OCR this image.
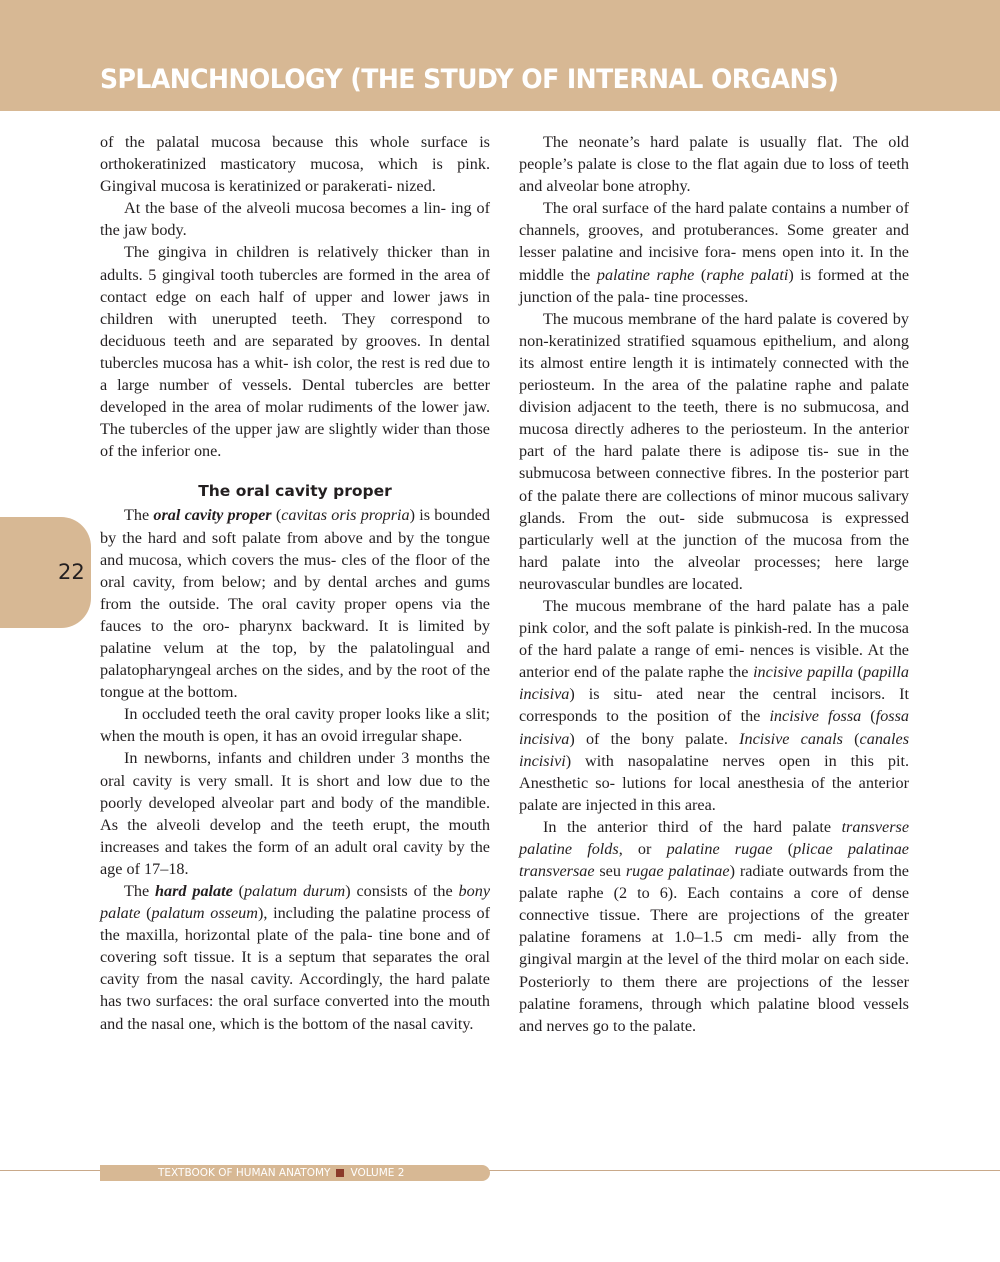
SPLANCHNOLOGY (THE STUDY OF INTERNAL ORGANS)

of the palatal mucosa because this whole surface is orthokeratinized masticatory mucosa, which is pink. Gingival mucosa is keratinized or parakerati- nized.

At the base of the alveoli mucosa becomes a lin- ing of the jaw body.

The gingiva in children is relatively thicker than in adults. 5 gingival tooth tubercles are formed in the area of contact edge on each half of upper and lower jaws in children with unerupted teeth. They correspond to deciduous teeth and are separated by grooves. In dental tubercles mucosa has a whit- ish color, the rest is red due to a large number of vessels. Dental tubercles are better developed in the area of molar rudiments of the lower jaw. The tubercles of the upper jaw are slightly wider than those of the inferior one.

The oral cavity proper

The oral cavity proper (cavitas oris propria) is bounded by the hard and soft palate from above and by the tongue and mucosa, which covers the mus- cles of the floor of the oral cavity, from below; and by dental arches and gums from the outside. The oral cavity proper opens via the fauces to the oro- pharynx backward. It is limited by palatine velum at the top, by the palatolingual and palatopharyngeal arches on the sides, and by the root of the tongue at the bottom.

In occluded teeth the oral cavity proper looks like a slit; when the mouth is open, it has an ovoid irregular shape.

In newborns, infants and children under 3 months the oral cavity is very small. It is short and low due to the poorly developed alveolar part and body of the mandible. As the alveoli develop and the teeth erupt, the mouth increases and takes the form of an adult oral cavity by the age of 17–18.

The hard palate (palatum durum) consists of the bony palate (palatum osseum), including the palatine process of the maxilla, horizontal plate of the pala- tine bone and of covering soft tissue. It is a septum that separates the oral cavity from the nasal cavity. Accordingly, the hard palate has two surfaces: the oral surface converted into the mouth and the nasal one, which is the bottom of the nasal cavity.

The neonate’s hard palate is usually flat. The old people’s palate is close to the flat again due to loss of teeth and alveolar bone atrophy.

The oral surface of the hard palate contains a number of channels, grooves, and protuberances. Some greater and lesser palatine and incisive fora- mens open into it. In the middle the palatine raphe (raphe palati) is formed at the junction of the pala- tine processes.

The mucous membrane of the hard palate is covered by non-keratinized stratified squamous epithelium, and along its almost entire length it is intimately connected with the periosteum. In the area of the palatine raphe and palate division adjacent to the teeth, there is no submucosa, and mucosa directly adheres to the periosteum. In the anterior part of the hard palate there is adipose tis- sue in the submucosa between connective fibres. In the posterior part of the palate there are collections of minor mucous salivary glands. From the out- side submucosa is expressed particularly well at the junction of the mucosa from the hard palate into the alveolar processes; here large neurovascular bundles are located.

The mucous membrane of the hard palate has a pale pink color, and the soft palate is pinkish-red. In the mucosa of the hard palate a range of emi- nences is visible. At the anterior end of the palate raphe the incisive papilla (papilla incisiva) is situ- ated near the central incisors. It corresponds to the position of the incisive fossa (fossa incisiva) of the bony palate. Incisive canals (canales incisivi) with nasopalatine nerves open in this pit. Anesthetic so- lutions for local anesthesia of the anterior palate are injected in this area.

In the anterior third of the hard palate transverse palatine folds, or palatine rugae (plicae palatinae transversae seu rugae palatinae) radiate outwards from the palate raphe (2 to 6). Each contains a core of dense connective tissue. There are projections of the greater palatine foramens at 1.0–1.5 cm medi- ally from the gingival margin at the level of the third molar on each side. Posteriorly to them there are projections of the lesser palatine foramens, through which palatine blood vessels and nerves go to the palate.

22
TEXTBOOK OF HUMAN ANATOMY VOLUME 2
